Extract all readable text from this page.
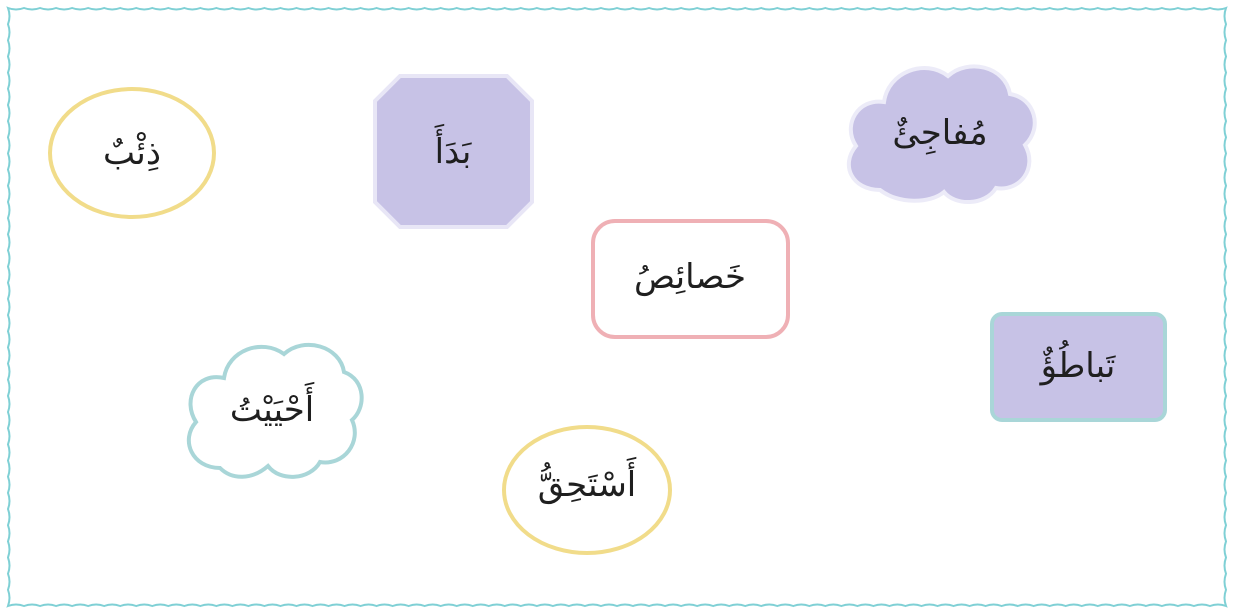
ذِئْبٌ	بَدَأَ	مُفاجِئٌ
خَصائِصُ
تَباطُؤٌ
أَحْيَيْتُ
أَسْتَحِقُّ
